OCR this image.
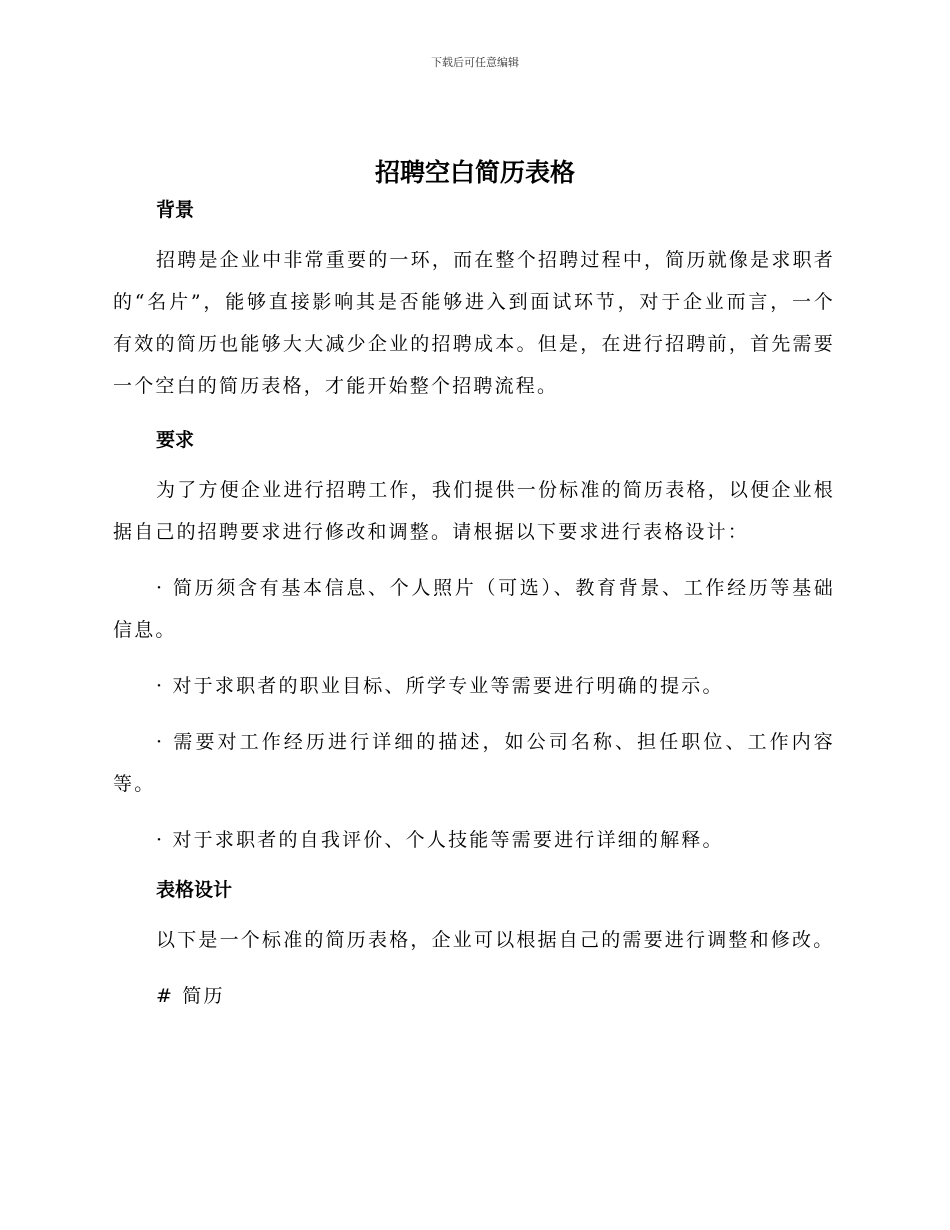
下载后可任意编辑
招聘空白简历表格
背景

招聘是企业中非常重要的一环，而在整个招聘过程中，简历就像是求职者的“名片”，能够直接影响其是否能够进入到面试环节，对于企业而言，一个有效的简历也能够大大减少企业的招聘成本。但是，在进行招聘前，首先需要一个空白的简历表格，才能开始整个招聘流程。

要求

为了方便企业进行招聘工作，我们提供一份标准的简历表格，以便企业根据自己的招聘要求进行修改和调整。请根据以下要求进行表格设计：

· 简历须含有基本信息、个人照片（可选）、教育背景、工作经历等基础信息。

· 对于求职者的职业目标、所学专业等需要进行明确的提示。

· 需要对工作经历进行详细的描述，如公司名称、担任职位、工作内容等。

· 对于求职者的自我评价、个人技能等需要进行详细的解释。

表格设计

以下是一个标准的简历表格，企业可以根据自己的需要进行调整和修改。

# 简历
